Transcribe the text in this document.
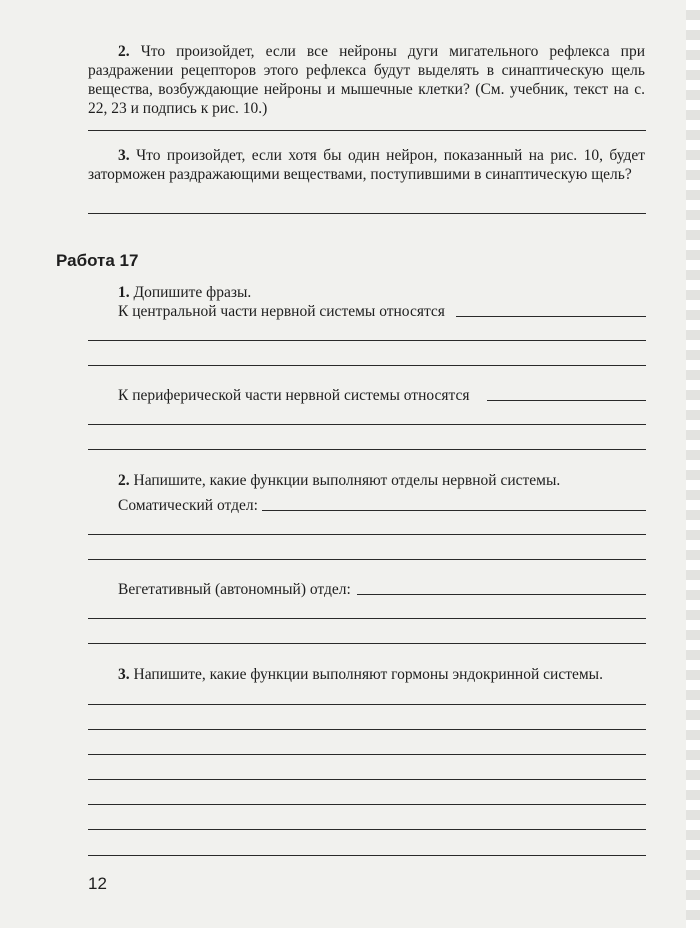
2. Что произойдет, если все нейроны дуги мигательного рефлекса при раздражении рецепторов этого рефлекса будут выделять в синаптическую щель вещества, возбуждающие нейроны и мышечные клетки? (См. учебник, текст на с. 22, 23 и подпись к рис. 10.)
3. Что произойдет, если хотя бы один нейрон, показанный на рис. 10, будет заторможен раздражающими веществами, поступившими в синаптическую щель?
Работа 17
1. Допишите фразы.
К центральной части нервной системы относятся
К периферической части нервной системы относятся
2. Напишите, какие функции выполняют отделы нервной системы.
Соматический отдел:
Вегетативный (автономный) отдел:
3. Напишите, какие функции выполняют гормоны эндокринной системы.
12
